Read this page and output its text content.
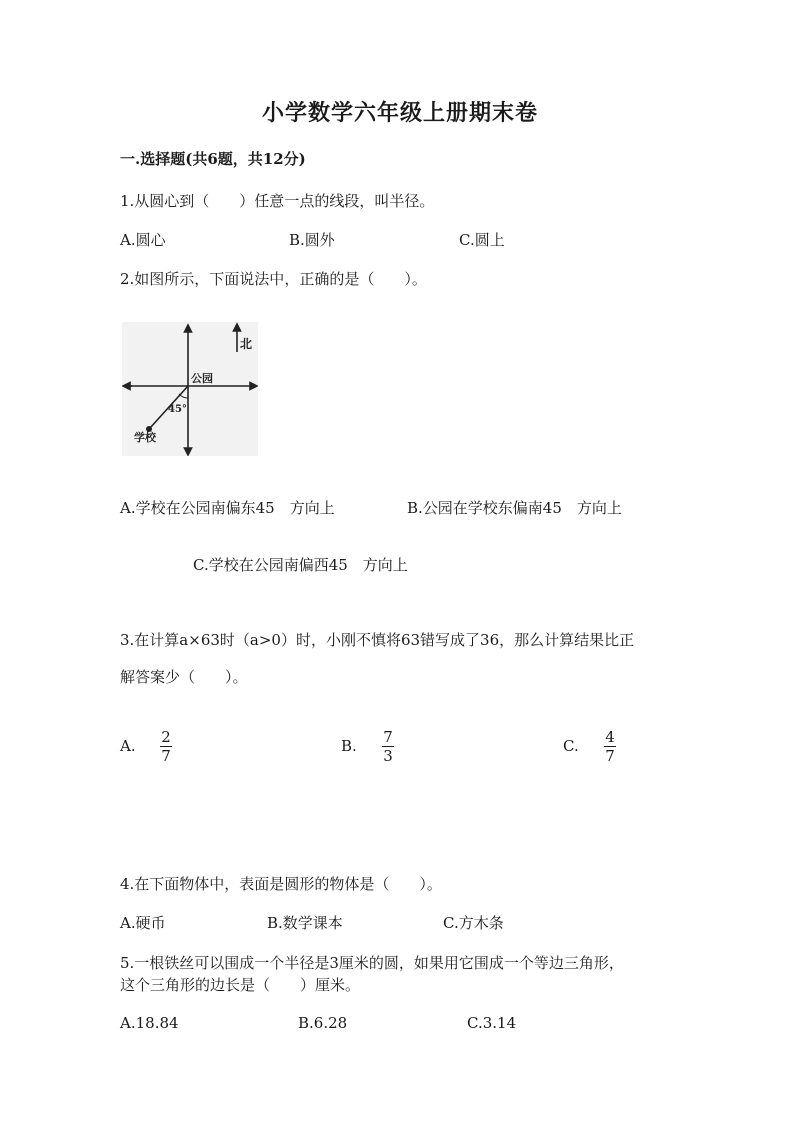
小学数学六年级上册期末卷
一.选择题(共6题，共12分)
1.从圆心到（　　）任意一点的线段，叫半径。
A.圆心	B.圆外	C.圆上
2.如图所示，下面说法中，正确的是（　　）。
北
公园
45°
学校
A.学校在公园南偏东45　方向上	B.公园在学校东偏南45　方向上
C.学校在公园南偏西45　方向上
3.在计算a×63时（a>0）时，小刚不慎将63错写成了36，那么计算结果比正
解答案少（　　）。
A. 2
7
B. 7
3
C. 4
7
4.在下面物体中，表面是圆形的物体是（　　）。
A.硬币	B.数学课本	C.方木条
5.一根铁丝可以围成一个半径是3厘米的圆，如果用它围成一个等边三角形，
这个三角形的边长是（　　）厘米。
A.18.84	B.6.28	C.3.14
